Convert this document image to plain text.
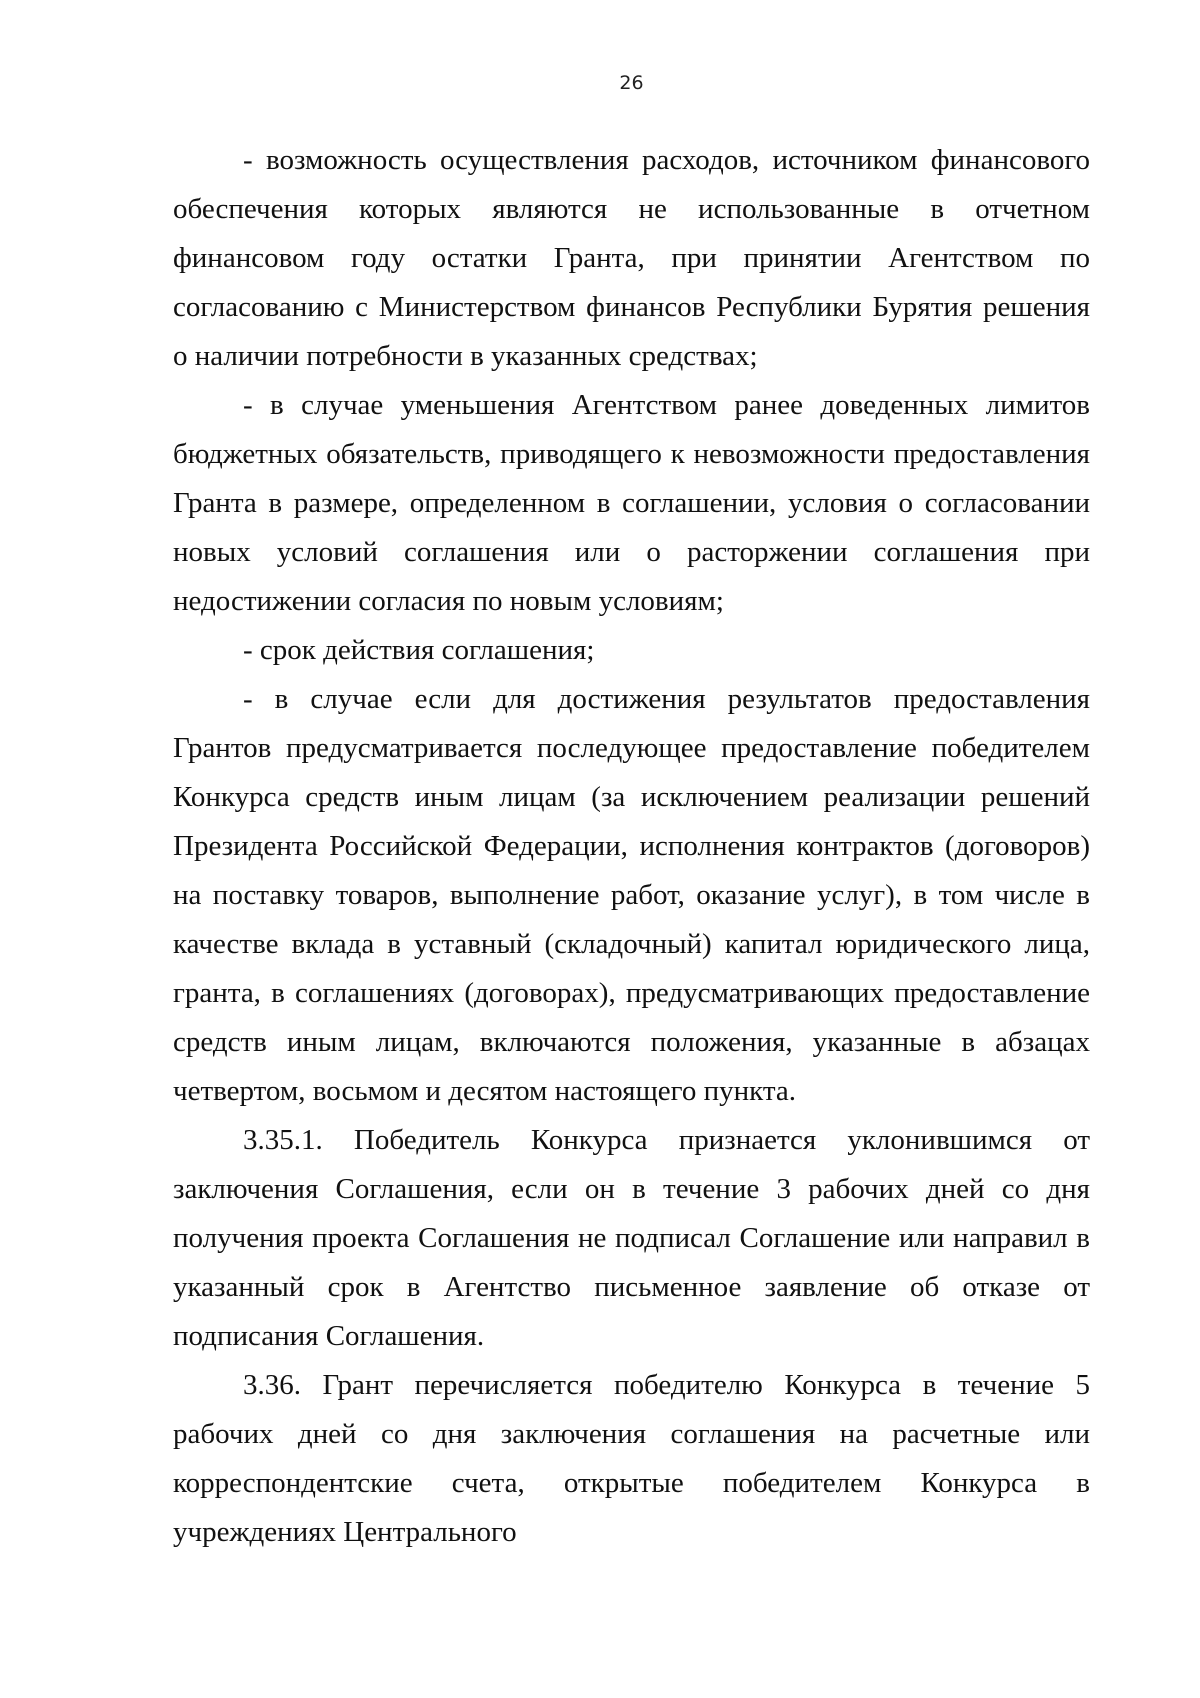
26

- возможность осуществления расходов, источником финансового обеспечения которых являются не использованные в отчетном финансовом году остатки Гранта, при принятии Агентством по согласованию с Министерством финансов Республики Бурятия решения о наличии потребности в указанных средствах;

- в случае уменьшения Агентством ранее доведенных лимитов бюджетных обязательств, приводящего к невозможности предоставления Гранта в размере, определенном в соглашении, условия о согласовании новых условий соглашения или о расторжении соглашения при недостижении согласия по новым условиям;

- срок действия соглашения;

- в случае если для достижения результатов предоставления Грантов предусматривается последующее предоставление победителем Конкурса средств иным лицам (за исключением реализации решений Президента Российской Федерации, исполнения контрактов (договоров) на поставку товаров, выполнение работ, оказание услуг), в том числе в качестве вклада в уставный (складочный) капитал юридического лица, гранта, в соглашениях (договорах), предусматривающих предоставление средств иным лицам, включаются положения, указанные в абзацах четвертом, восьмом и десятом настоящего пункта.

3.35.1. Победитель Конкурса признается уклонившимся от заключения Соглашения, если он в течение 3 рабочих дней со дня получения проекта Соглашения не подписал Соглашение или направил в указанный срок в Агентство письменное заявление об отказе от подписания Соглашения.

3.36. Грант перечисляется победителю Конкурса в течение 5 рабочих дней со дня заключения соглашения на расчетные или корреспондентские счета, открытые победителем Конкурса в учреждениях Центрального
